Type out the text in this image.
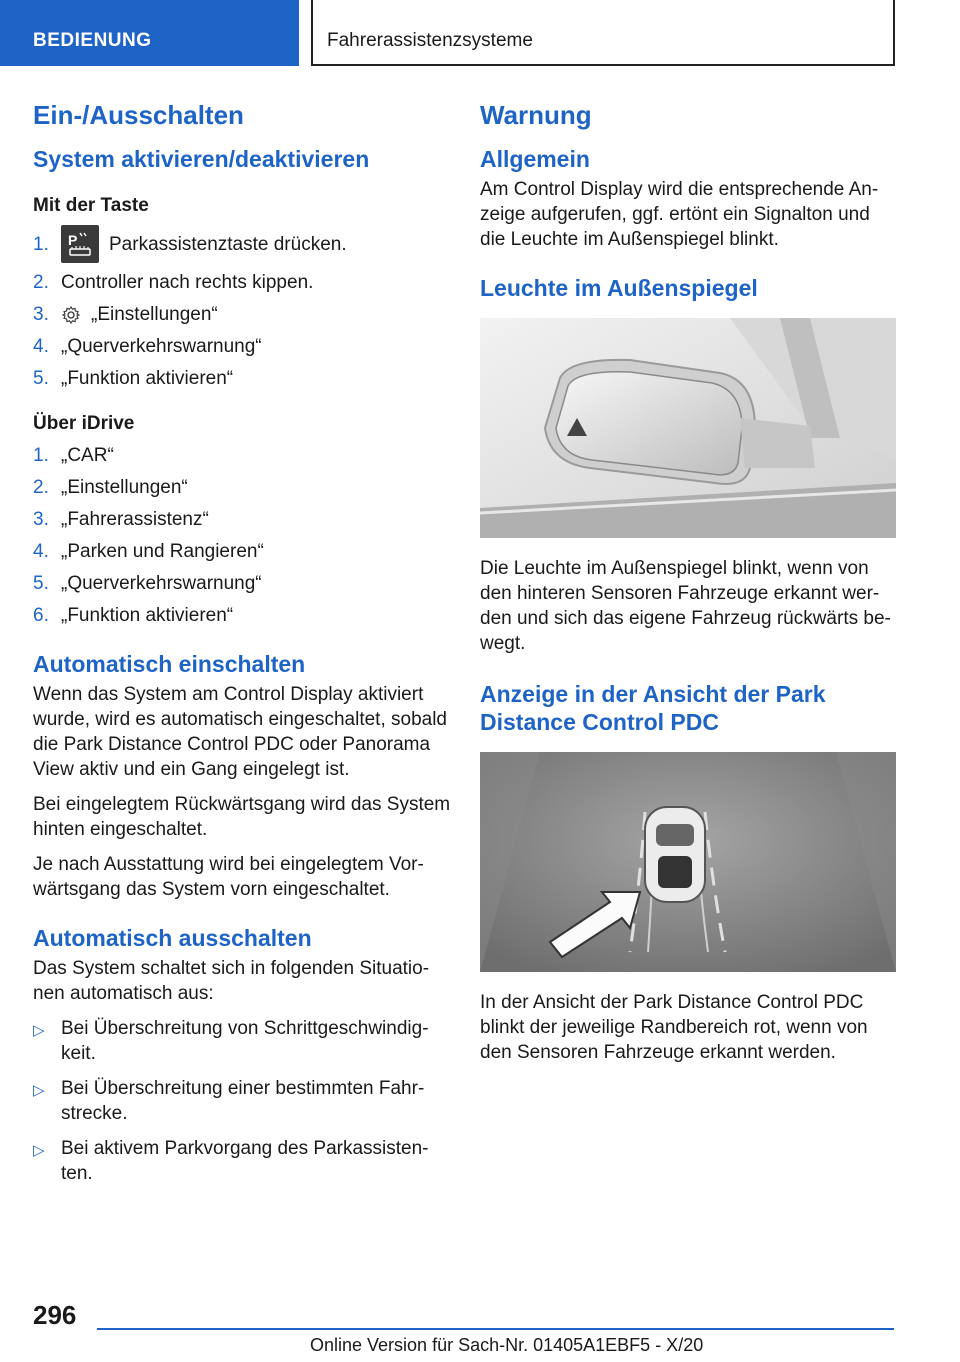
BEDIENUNG	Fahrerassistenzsysteme
Ein-/Ausschalten
System aktivieren/deaktivieren
Mit der Taste
1.	P Parkassistenztaste drücken.
2. Controller nach rechts kippen.
3.	„Einstellungen“
4. „Querverkehrswarnung“
5. „Funktion aktivieren“
Über iDrive
1. „CAR“
2. „Einstellungen“
3. „Fahrerassistenz“
4. „Parken und Rangieren“
5. „Querverkehrswarnung“
6. „Funktion aktivieren“
Automatisch einschalten

Wenn das System am Control Display aktiviert wurde, wird es automatisch eingeschaltet, sobald die Park Distance Control PDC oder Panorama View aktiv und ein Gang eingelegt ist.

Bei eingelegtem Rückwärtsgang wird das System hinten eingeschaltet.

Je nach Ausstattung wird bei eingelegtem Vorwärtsgang das System vorn eingeschaltet.

Automatisch ausschalten

Das System schaltet sich in folgenden Situationen automatisch aus:

▷ Bei Überschreitung von Schrittgeschwindigkeit.
▷ Bei Überschreitung einer bestimmten Fahrstrecke.
▷ Bei aktivem Parkvorgang des Parkassistenten.
Warnung
Allgemein

Am Control Display wird die entsprechende Anzeige aufgerufen, ggf. ertönt ein Signalton und die Leuchte im Außenspiegel blinkt.

Leuchte im Außenspiegel

Die Leuchte im Außenspiegel blinkt, wenn von den hinteren Sensoren Fahrzeuge erkannt werden und sich das eigene Fahrzeug rückwärts bewegt.

Anzeige in der Ansicht der Park Distance Control PDC

In der Ansicht der Park Distance Control PDC blinkt der jeweilige Randbereich rot, wenn von den Sensoren Fahrzeuge erkannt werden.

296
Online Version für Sach-Nr. 01405A1EBF5 - X/20
